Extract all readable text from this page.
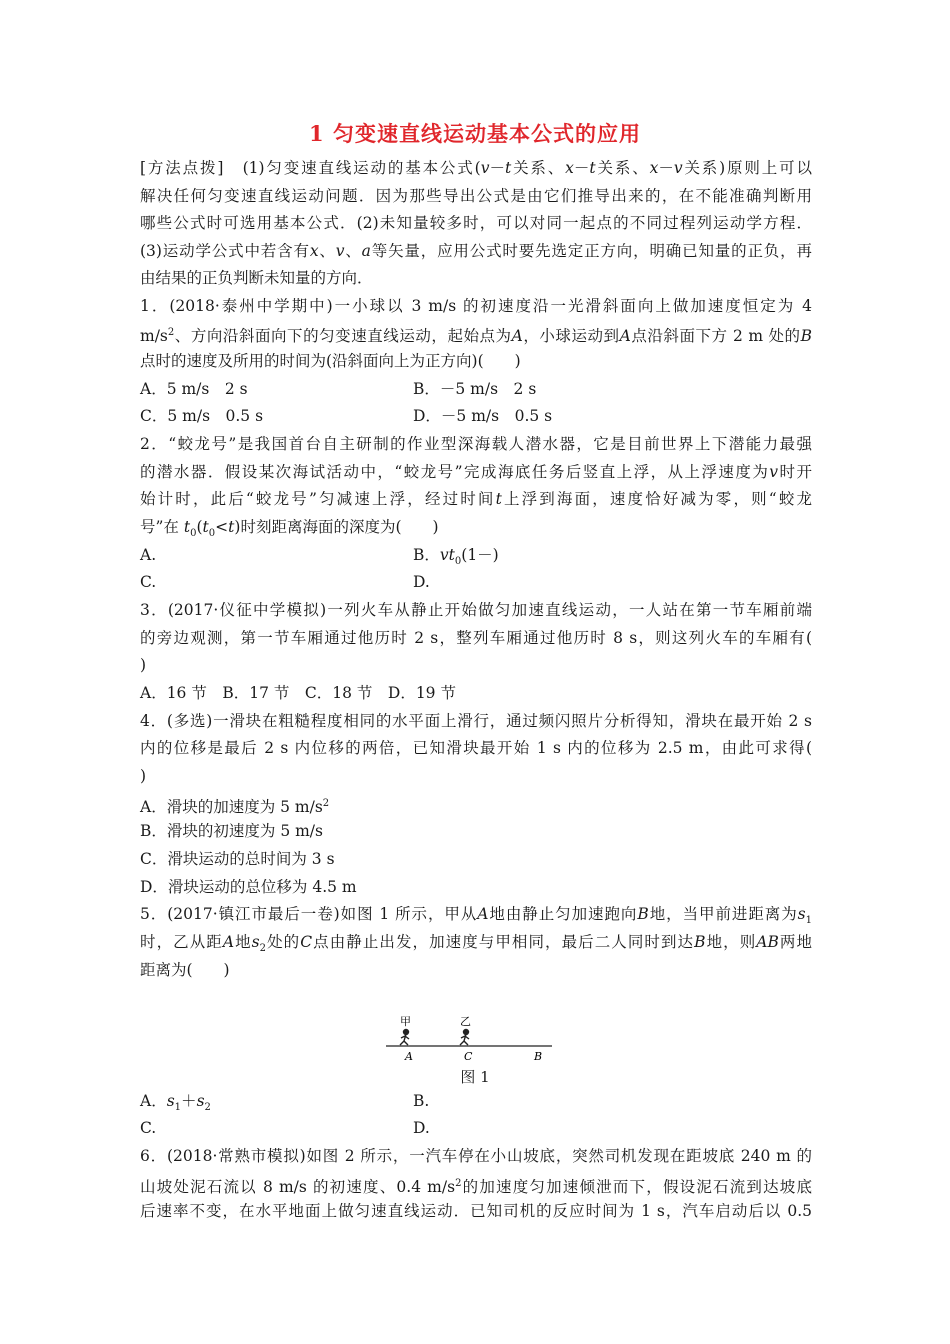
1 匀变速直线运动基本公式的应用
[方法点拨]　 (1)匀变速直线运动的基本公式(v－t关系、x－t关系、x－v关系)原则上可以
解决任何匀变速直线运动问题．因为那些导出公式是由它们推导出来的，在不能准确判断用
哪些公式时可选用基本公式．(2)未知量较多时，可以对同一起点的不同过程列运动学方程．
(3)运动学公式中若含有x、v、a等矢量，应用公式时要先选定正方向，明确已知量的正负，再
由结果的正负判断未知量的方向．
1．(2018·泰州中学期中)一小球以 3 m/s 的初速度沿一光滑斜面向上做加速度恒定为 4
$m/s^2$、方向沿斜面向下的匀变速直线运动，起始点为A，小球运动到A点沿斜面下方 2 m 处的B
点时的速度及所用的时间为(沿斜面向上为正方向)(　　)
A．5 m/s　2 s	B．－5 m/s　2 s
C．5 m/s　0.5 s	D．－5 m/s　0.5 s
2．“蛟龙号”是我国首台自主研制的作业型深海载人潜水器，它是目前世界上下潜能力最强
的潜水器．假设某次海试活动中，“蛟龙号”完成海底任务后竖直上浮，从上浮速度为v时开
始计时，此后“蛟龙号”匀减速上浮，经过时间t上浮到海面，速度恰好减为零，则“蛟龙
号”在 $t_0(t_0<t)$时刻距离海面的深度为(　　)
A.	B．$vt_0(1-)$
C.	D.
3．(2017·仪征中学模拟)一列火车从静止开始做匀加速直线运动，一人站在第一节车厢前端
的旁边观测，第一节车厢通过他历时 2 s，整列车厢通过他历时 8 s，则这列火车的车厢有(
)
A．16 节　B．17 节　C．18 节　D．19 节
4．(多选)一滑块在粗糙程度相同的水平面上滑行，通过频闪照片分析得知，滑块在最开始 2 s
内的位移是最后 2 s 内位移的两倍，已知滑块最开始 1 s 内的位移为 2.5 m，由此可求得(
)
A．滑块的加速度为 5 $m/s^2$
B．滑块的初速度为 5 m/s
C．滑块运动的总时间为 3 s
D．滑块运动的总位移为 4.5 m
5．(2017·镇江市最后一卷)如图 1 所示，甲从A地由静止匀加速跑向B地，当甲前进距离为$s_1$
时，乙从距A地$s_2$处的C点由静止出发，加速度与甲相同，最后二人同时到达B地，则AB两地
距离为(　　)
甲	乙
A	C	B
图 1
A．$s_1+s_2$	B.
C.	D.
6．(2018·常熟市模拟)如图 2 所示，一汽车停在小山坡底，突然司机发现在距坡底 240 m 的
山坡处泥石流以 8 m/s 的初速度、0.4 $m/s^2$的加速度匀加速倾泄而下，假设泥石流到达坡底
后速率不变，在水平地面上做匀速直线运动．已知司机的反应时间为 1 s，汽车启动后以 0.5
